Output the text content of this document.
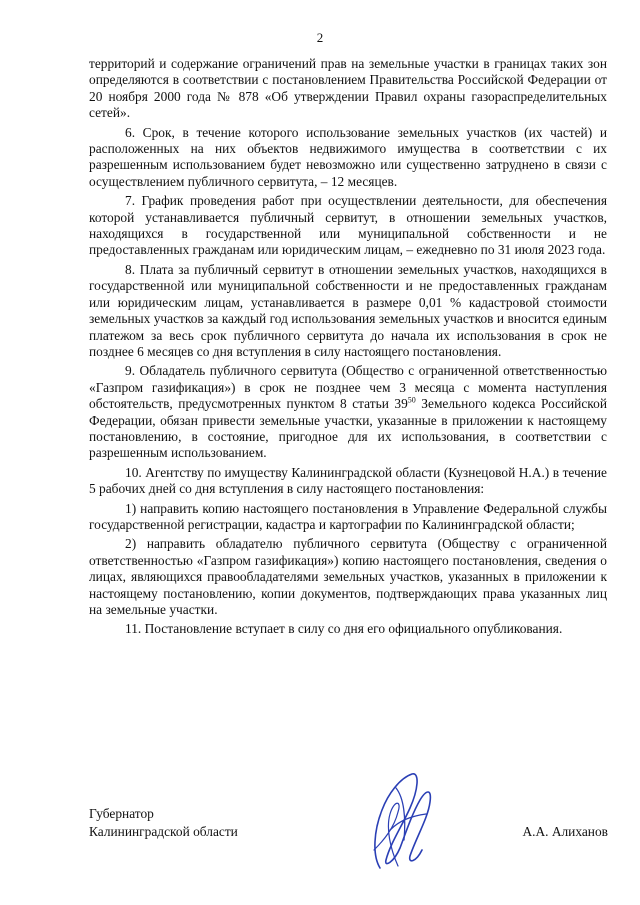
2

территорий и содержание ограничений прав на земельные участки в границах таких зон определяются в соответствии с постановлением Правительства Российской Федерации от 20 ноября 2000 года № 878 «Об утверждении Правил охраны газораспределительных сетей».

6. Срок, в течение которого использование земельных участков (их частей) и расположенных на них объектов недвижимого имущества в соответствии с их разрешенным использованием будет невозможно или существенно затруднено в связи с осуществлением публичного сервитута, – 12 месяцев.

7. График проведения работ при осуществлении деятельности, для обеспечения которой устанавливается публичный сервитут, в отношении земельных участков, находящихся в государственной или муниципальной собственности и не предоставленных гражданам или юридическим лицам, – ежедневно по 31 июля 2023 года.

8. Плата за публичный сервитут в отношении земельных участков, находящихся в государственной или муниципальной собственности и не предоставленных гражданам или юридическим лицам, устанавливается в размере 0,01 % кадастровой стоимости земельных участков за каждый год использования земельных участков и вносится единым платежом за весь срок публичного сервитута до начала их использования в срок не позднее 6 месяцев со дня вступления в силу настоящего постановления.

9. Обладатель публичного сервитута (Общество с ограниченной ответственностью «Газпром газификация») в срок не позднее чем 3 месяца с момента наступления обстоятельств, предусмотренных пунктом 8 статьи $39^{50}$ Земельного кодекса Российской Федерации, обязан привести земельные участки, указанные в приложении к настоящему постановлению, в состояние, пригодное для их использования, в соответствии с разрешенным использованием.

10. Агентству по имуществу Калининградской области (Кузнецовой Н.А.) в течение 5 рабочих дней со дня вступления в силу настоящего постановления:

1) направить копию настоящего постановления в Управление Федеральной службы государственной регистрации, кадастра и картографии по Калининградской области;

2) направить обладателю публичного сервитута (Обществу с ограниченной ответственностью «Газпром газификация») копию настоящего постановления, сведения о лицах, являющихся правообладателями земельных участков, указанных в приложении к настоящему постановлению, копии документов, подтверждающих права указанных лиц на земельные участки.

11. Постановление вступает в силу со дня его официального опубликования.

Губернатор
Калининградской области	А.А. Алиханов
